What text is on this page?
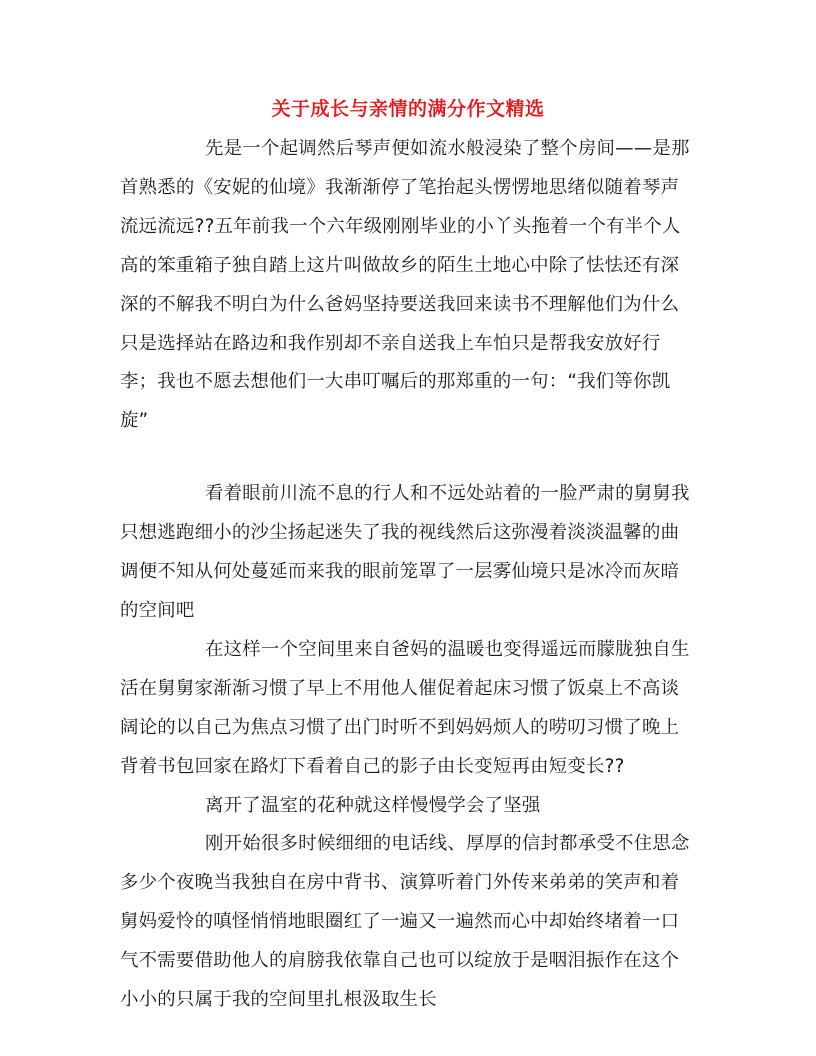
关于成长与亲情的满分作文精选

先是一个起调然后琴声便如流水般浸染了整个房间——是那首熟悉的《安妮的仙境》我渐渐停了笔抬起头愣愣地思绪似随着琴声流远流远??五年前我一个六年级刚刚毕业的小丫头拖着一个有半个人高的笨重箱子独自踏上这片叫做故乡的陌生土地心中除了怯怯还有深深的不解我不明白为什么爸妈坚持要送我回来读书不理解他们为什么只是选择站在路边和我作别却不亲自送我上车怕只是帮我安放好行李；我也不愿去想他们一大串叮嘱后的那郑重的一句：“我们等你凯旋”

看着眼前川流不息的行人和不远处站着的一脸严肃的舅舅我只想逃跑细小的沙尘扬起迷失了我的视线然后这弥漫着淡淡温馨的曲调便不知从何处蔓延而来我的眼前笼罩了一层雾仙境只是冰冷而灰暗的空间吧

在这样一个空间里来自爸妈的温暖也变得遥远而朦胧独自生活在舅舅家渐渐习惯了早上不用他人催促着起床习惯了饭桌上不高谈阔论的以自己为焦点习惯了出门时听不到妈妈烦人的唠叨习惯了晚上背着书包回家在路灯下看着自己的影子由长变短再由短变长??

离开了温室的花种就这样慢慢学会了坚强

刚开始很多时候细细的电话线、厚厚的信封都承受不住思念多少个夜晚当我独自在房中背书、演算听着门外传来弟弟的笑声和着舅妈爱怜的嗔怪悄悄地眼圈红了一遍又一遍然而心中却始终堵着一口气不需要借助他人的肩膀我依靠自己也可以绽放于是咽泪振作在这个小小的只属于我的空间里扎根汲取生长
